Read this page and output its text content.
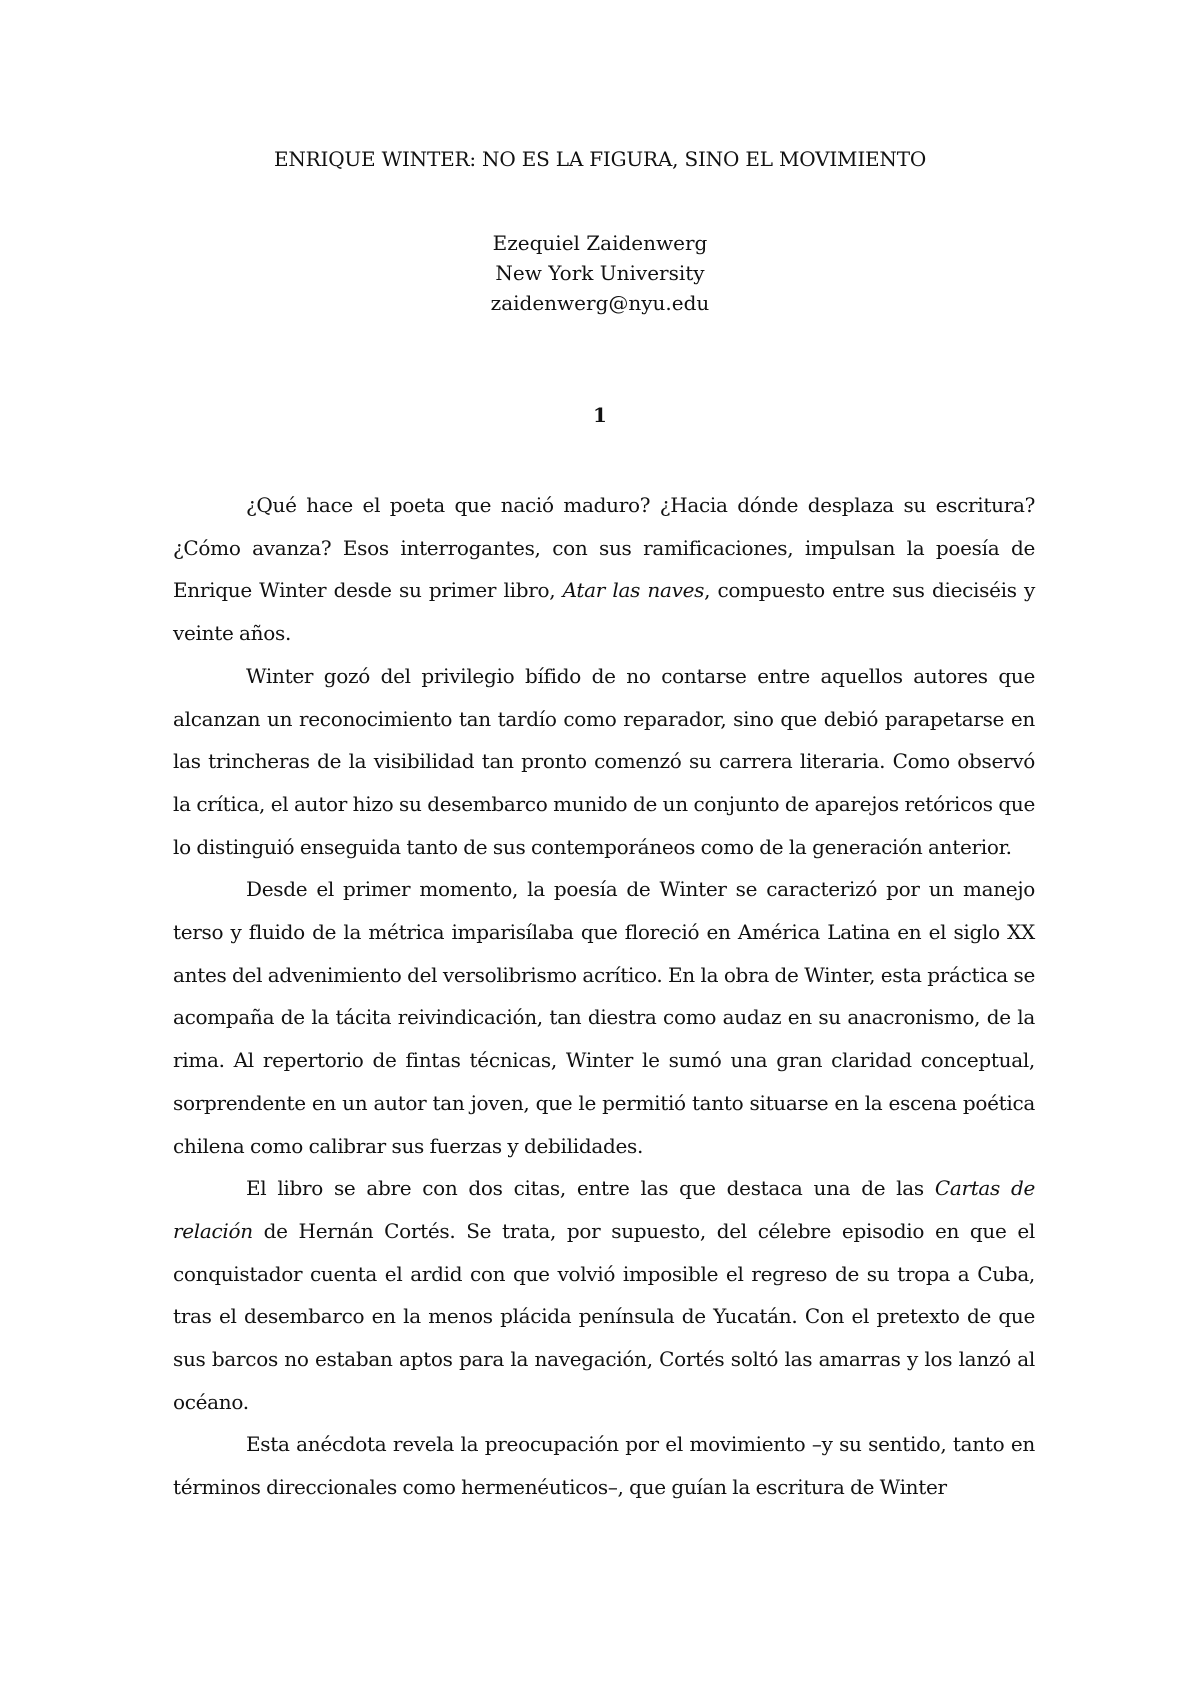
ENRIQUE WINTER: NO ES LA FIGURA, SINO EL MOVIMIENTO
Ezequiel Zaidenwerg
New York University
zaidenwerg@nyu.edu
1

¿Qué hace el poeta que nació maduro? ¿Hacia dónde desplaza su escritura? ¿Cómo avanza? Esos interrogantes, con sus ramificaciones, impulsan la poesía de Enrique Winter desde su primer libro, Atar las naves, compuesto entre sus dieciséis y veinte años.

Winter gozó del privilegio bífido de no contarse entre aquellos autores que alcanzan un reconocimiento tan tardío como reparador, sino que debió parapetarse en las trincheras de la visibilidad tan pronto comenzó su carrera literaria. Como observó la crítica, el autor hizo su desembarco munido de un conjunto de aparejos retóricos que lo distinguió enseguida tanto de sus contemporáneos como de la generación anterior.

Desde el primer momento, la poesía de Winter se caracterizó por un manejo terso y fluido de la métrica imparisílaba que floreció en América Latina en el siglo XX antes del advenimiento del versolibrismo acrítico. En la obra de Winter, esta práctica se acompaña de la tácita reivindicación, tan diestra como audaz en su anacronismo, de la rima. Al repertorio de fintas técnicas, Winter le sumó una gran claridad conceptual, sorprendente en un autor tan joven, que le permitió tanto situarse en la escena poética chilena como calibrar sus fuerzas y debilidades.

El libro se abre con dos citas, entre las que destaca una de las Cartas de relación de Hernán Cortés. Se trata, por supuesto, del célebre episodio en que el conquistador cuenta el ardid con que volvió imposible el regreso de su tropa a Cuba, tras el desembarco en la menos plácida península de Yucatán. Con el pretexto de que sus barcos no estaban aptos para la navegación, Cortés soltó las amarras y los lanzó al océano.

Esta anécdota revela la preocupación por el movimiento –y su sentido, tanto en términos direccionales como hermenéuticos–, que guían la escritura de Winter
